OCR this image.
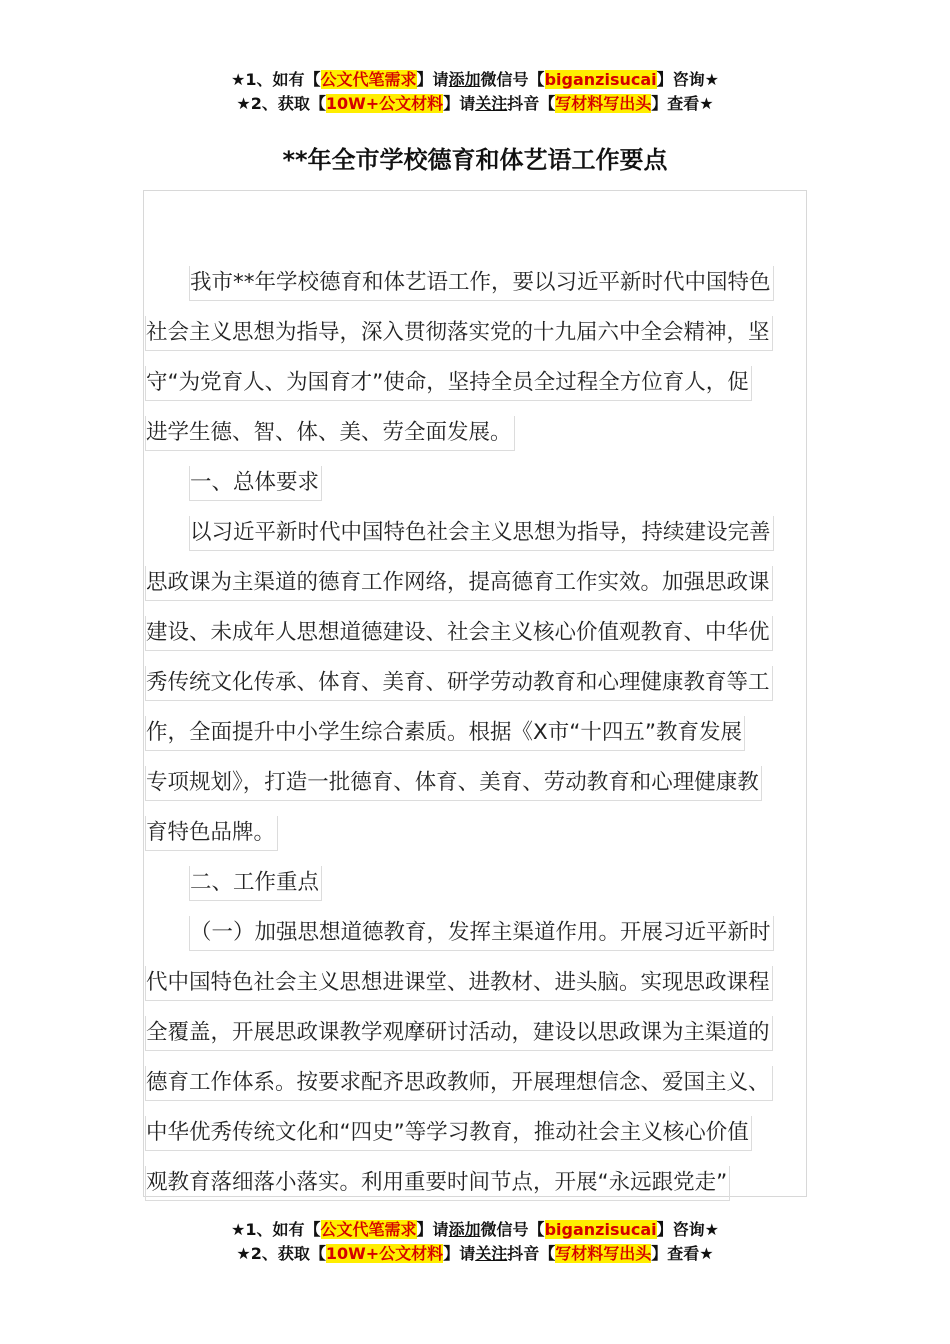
★1、如有【公文代笔需求】请添加微信号【biganzisucai】咨询★
★2、获取【10W+公文材料】请关注抖音【写材料写出头】查看★
**年全市学校德育和体艺语工作要点
我市**年学校德育和体艺语工作，要以习近平新时代中国特色
社会主义思想为指导，深入贯彻落实党的十九届六中全会精神，坚
守“为党育人、为国育才”使命，坚持全员全过程全方位育人，促
进学生德、智、体、美、劳全面发展。
一、总体要求
以习近平新时代中国特色社会主义思想为指导，持续建设完善
思政课为主渠道的德育工作网络，提高德育工作实效。加强思政课
建设、未成年人思想道德建设、社会主义核心价值观教育、中华优
秀传统文化传承、体育、美育、研学劳动教育和心理健康教育等工
作，全面提升中小学生综合素质。根据《X市“十四五”教育发展
专项规划》，打造一批德育、体育、美育、劳动教育和心理健康教
育特色品牌。
二、工作重点
（一）加强思想道德教育，发挥主渠道作用。开展习近平新时
代中国特色社会主义思想进课堂、进教材、进头脑。实现思政课程
全覆盖，开展思政课教学观摩研讨活动，建设以思政课为主渠道的
德育工作体系。按要求配齐思政教师，开展理想信念、爱国主义、
中华优秀传统文化和“四史”等学习教育，推动社会主义核心价值
观教育落细落小落实。利用重要时间节点，开展“永远跟党走”
★1、如有【公文代笔需求】请添加微信号【biganzisucai】咨询★
★2、获取【10W+公文材料】请关注抖音【写材料写出头】查看★
